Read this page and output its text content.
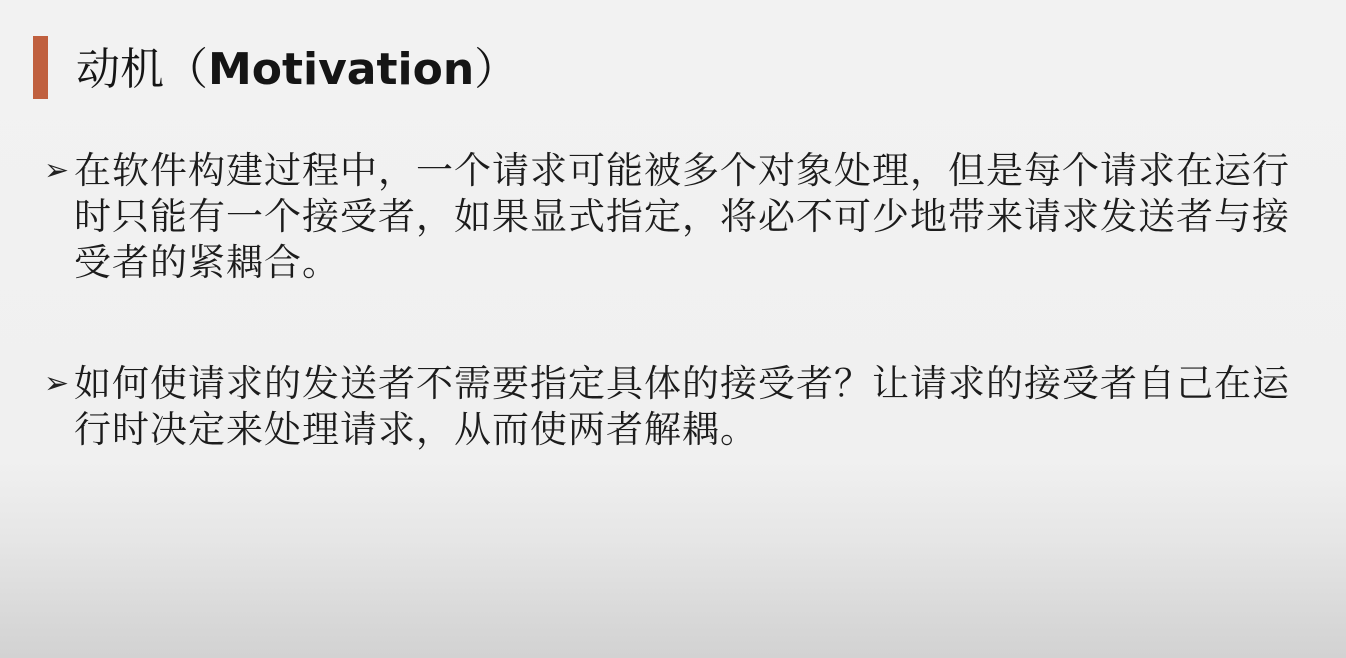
动机（Motivation）
➢ 在软件构建过程中，一个请求可能被多个对象处理，但是每个请求在运行时只能有一个接受者，如果显式指定，将必不可少地带来请求发送者与接受者的紧耦合。
➢ 如何使请求的发送者不需要指定具体的接受者？让请求的接受者自己在运行时决定来处理请求，从而使两者解耦。
